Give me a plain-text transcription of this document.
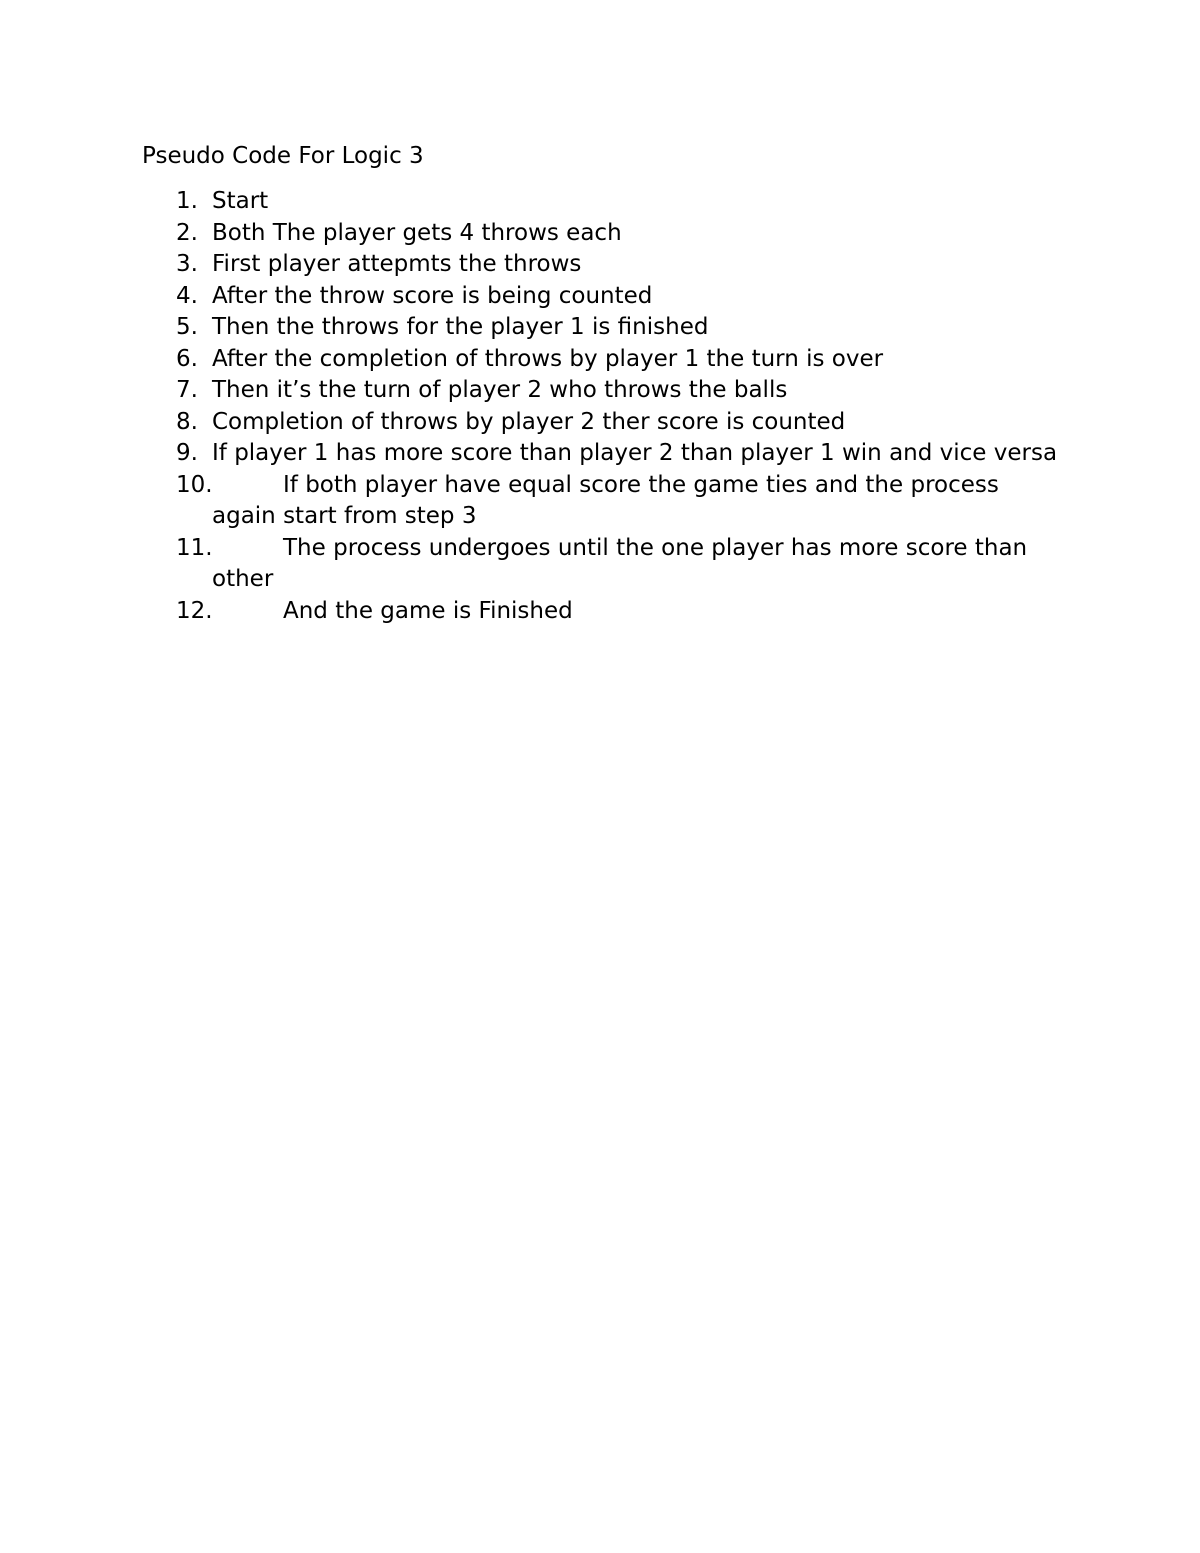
Pseudo Code For Logic 3
1. Start
2. Both The player gets 4 throws each
3. First player attepmts the throws
4. After the throw score is being counted
5. Then the throws for the player 1 is finished
6. After the completion of throws by player 1 the turn is over
7. Then it’s the turn of player 2 who throws the balls
8. Completion of throws by player 2 ther score is counted
9. If player 1 has more score than player 2 than player 1 win and vice versa
10.	If both player have equal score the game ties and the process again start from step 3
11.	The process undergoes until the one player has more score than other
12.	And the game is Finished
